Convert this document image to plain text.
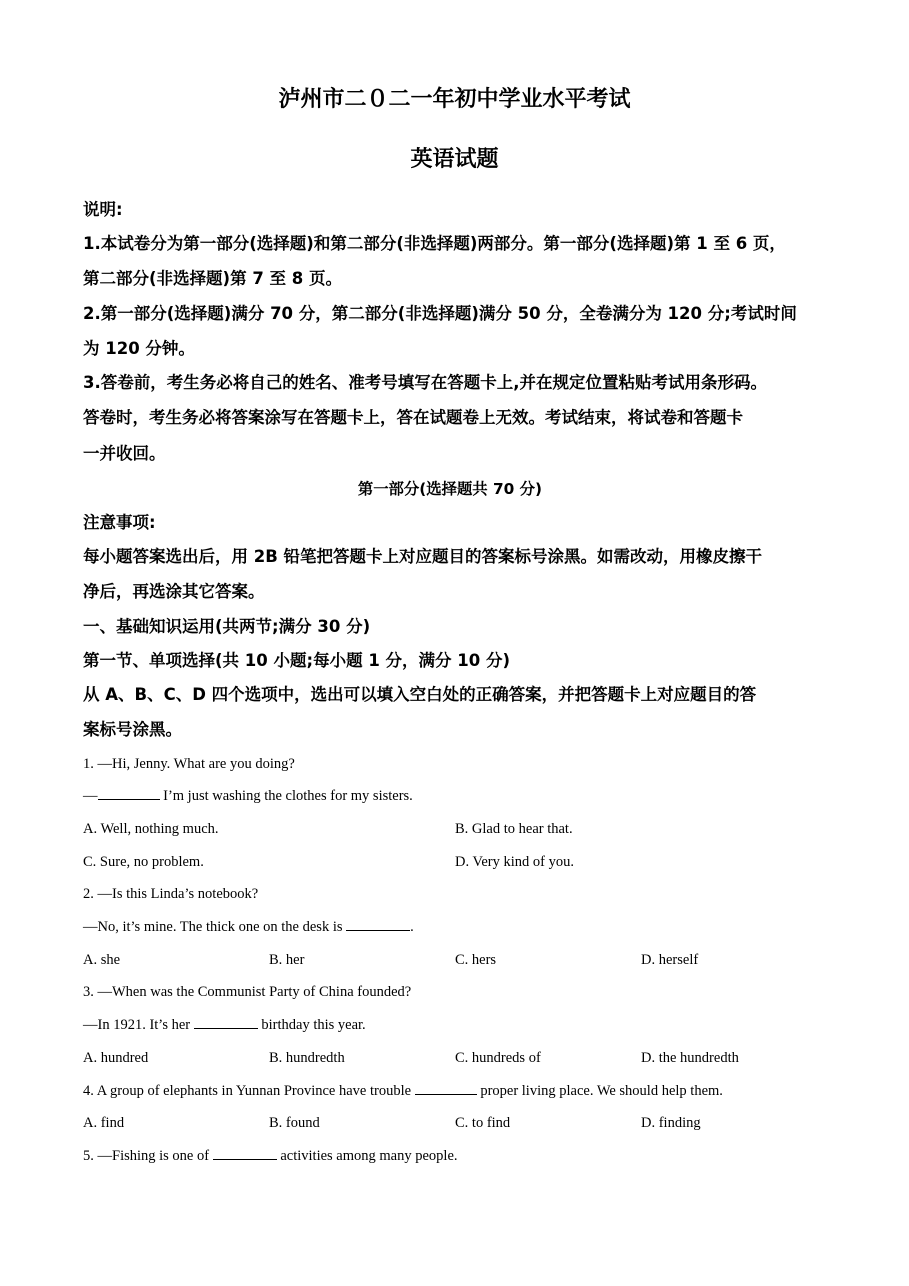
泸州市二０二一年初中学业水平考试
英语试题
说明:
1.本试卷分为第一部分(选择题)和第二部分(非选择题)两部分。第一部分(选择题)第 1 至 6 页，
第二部分(非选择题)第 7 至 8 页。
2.第一部分(选择题)满分 70 分，第二部分(非选择题)满分 50 分，全卷满分为 120 分;考试时间
为 120 分钟。
3.答卷前，考生务必将自己的姓名、准考号填写在答题卡上,并在规定位置粘贴考试用条形码。
答卷时，考生务必将答案涂写在答题卡上，答在试题卷上无效。考试结束，将试卷和答题卡
一并收回。
第一部分(选择题共 70 分)
注意事项:
每小题答案选出后，用 2B 铅笔把答题卡上对应题目的答案标号涂黑。如需改动，用橡皮擦干
净后，再选涂其它答案。
一、基础知识运用(共两节;满分 30 分)
第一节、单项选择(共 10 小题;每小题 1 分，满分 10 分)
从 A、B、C、D 四个选项中，选出可以填入空白处的正确答案，并把答题卡上对应题目的答
案标号涂黑。
1. —Hi, Jenny. What are you doing?
—	I’m just washing the clothes for my sisters.
A. Well, nothing much.	B. Glad to hear that.
C. Sure, no problem.	D. Very kind of you.
2. —Is this Linda’s notebook?
—No, it’s mine. The thick one on the desk is	.
A. she	B. her	C. hers	D. herself
3. —When was the Communist Party of China founded?
—In 1921. It’s her	birthday this year.
A. hundred	B. hundredth	C. hundreds of	D. the hundredth
4. A group of elephants in Yunnan Province have trouble	proper living place. We should help them.
A. find	B. found	C. to find	D. finding
5. —Fishing is one of	activities among many people.
